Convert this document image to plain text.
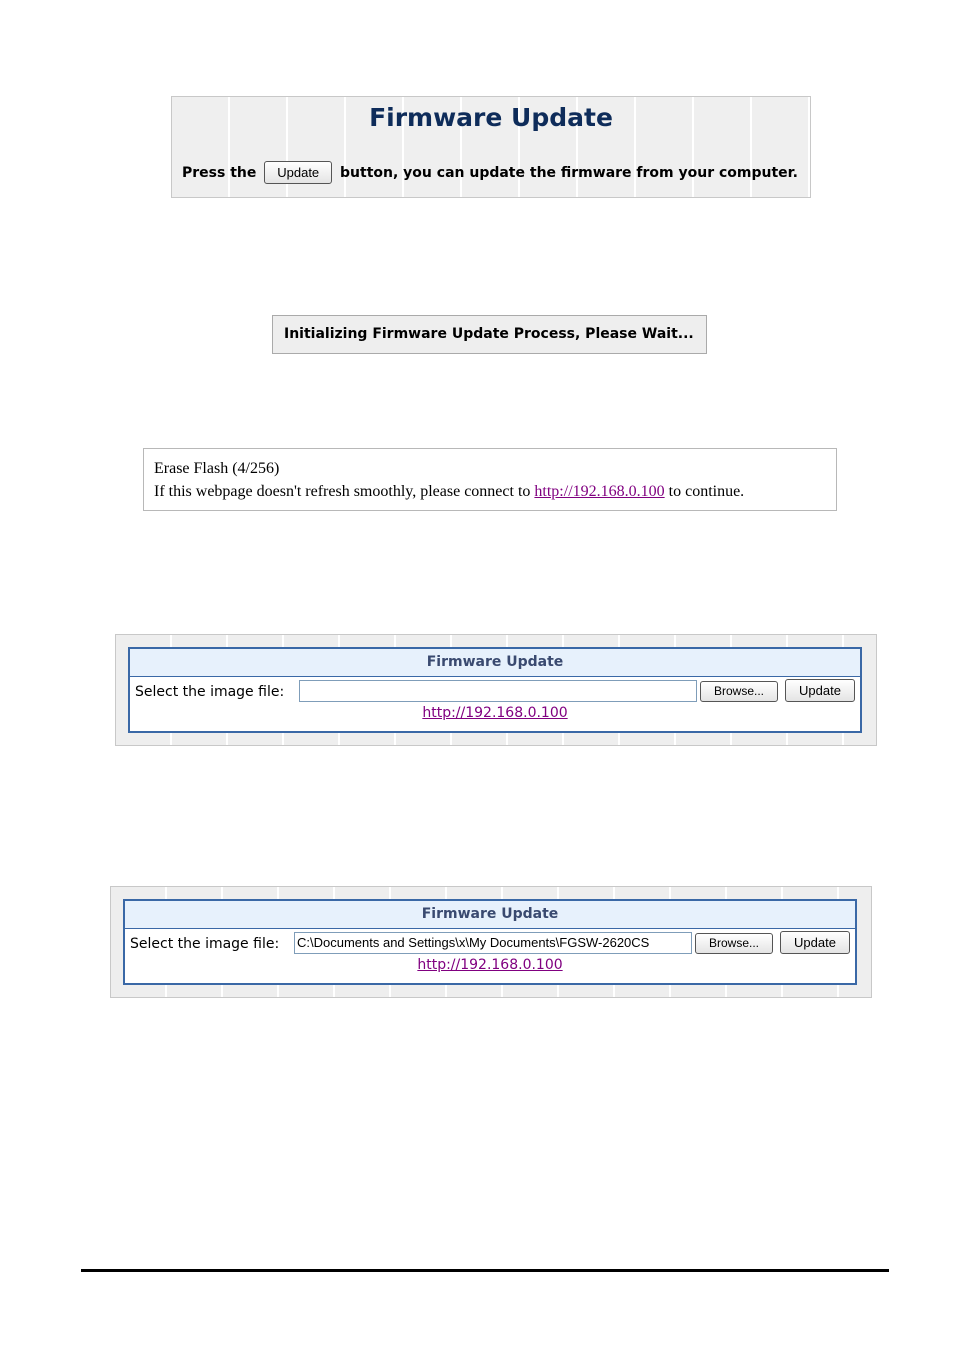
Firmware Update
Press the Update button, you can update the firmware from your computer.
Initializing Firmware Update Process, Please Wait...
Erase Flash (4/256)
If this webpage doesn't refresh smoothly, please connect to http://192.168.0.100 to continue.
Firmware Update
Select the image file:	Browse...	Update
http://192.168.0.100
Firmware Update
Select the image file: C:\Documents and Settings\x\My Documents\FGSW-2620CS	Browse...	Update
http://192.168.0.100
